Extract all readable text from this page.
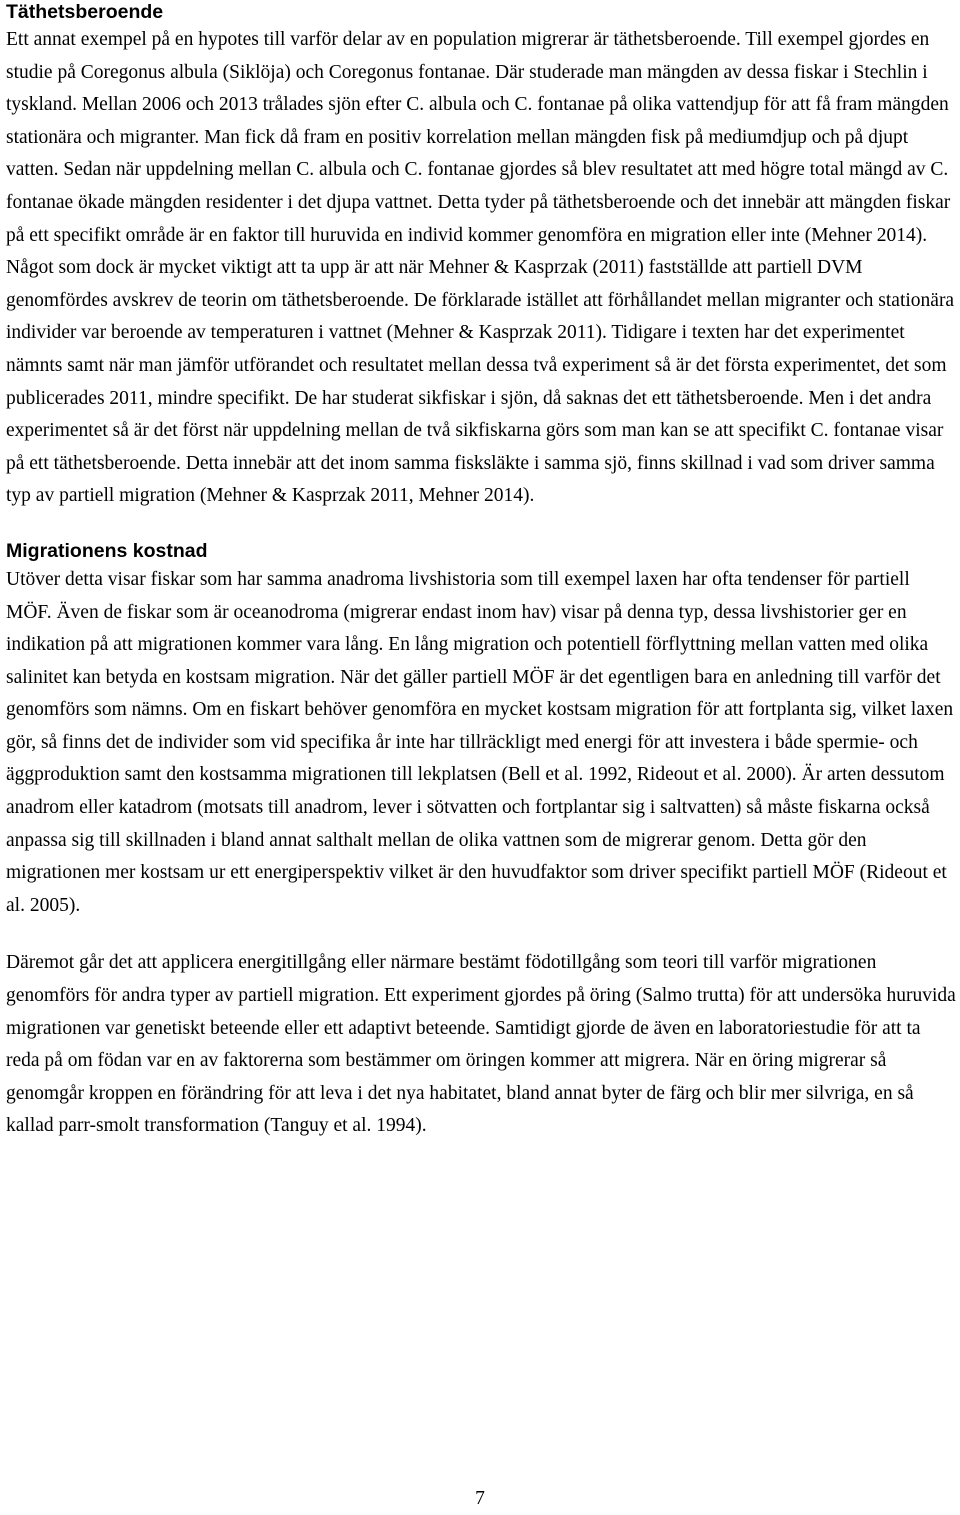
Täthetsberoende

Ett annat exempel på en hypotes till varför delar av en population migrerar är täthetsberoende. Till exempel gjordes en studie på Coregonus albula (Siklöja) och Coregonus fontanae. Där studerade man mängden av dessa fiskar i Stechlin i tyskland. Mellan 2006 och 2013 trålades sjön efter C. albula och C. fontanae på olika vattendjup för att få fram mängden stationära och migranter. Man fick då fram en positiv korrelation mellan mängden fisk på mediumdjup och på djupt vatten. Sedan när uppdelning mellan C. albula och C. fontanae gjordes så blev resultatet att med högre total mängd av C. fontanae ökade mängden residenter i det djupa vattnet. Detta tyder på täthetsberoende och det innebär att mängden fiskar på ett specifikt område är en faktor till huruvida en individ kommer genomföra en migration eller inte (Mehner 2014). Något som dock är mycket viktigt att ta upp är att när Mehner & Kasprzak (2011) fastställde att partiell DVM genomfördes avskrev de teorin om täthetsberoende. De förklarade istället att förhållandet mellan migranter och stationära individer var beroende av temperaturen i vattnet (Mehner & Kasprzak 2011). Tidigare i texten har det experimentet nämnts samt när man jämför utförandet och resultatet mellan dessa två experiment så är det första experimentet, det som publicerades 2011, mindre specifikt. De har studerat sikfiskar i sjön, då saknas det ett täthetsberoende. Men i det andra experimentet så är det först när uppdelning mellan de två sikfiskarna görs som man kan se att specifikt C. fontanae visar på ett täthetsberoende. Detta innebär att det inom samma fisksläkte i samma sjö, finns skillnad i vad som driver samma typ av partiell migration (Mehner & Kasprzak 2011, Mehner 2014).

Migrationens kostnad

Utöver detta visar fiskar som har samma anadroma livshistoria som till exempel laxen har ofta tendenser för partiell MÖF. Även de fiskar som är oceanodroma (migrerar endast inom hav) visar på denna typ, dessa livshistorier ger en indikation på att migrationen kommer vara lång. En lång migration och potentiell förflyttning mellan vatten med olika salinitet kan betyda en kostsam migration. När det gäller partiell MÖF är det egentligen bara en anledning till varför det genomförs som nämns. Om en fiskart behöver genomföra en mycket kostsam migration för att fortplanta sig, vilket laxen gör, så finns det de individer som vid specifika år inte har tillräckligt med energi för att investera i både spermie- och äggproduktion samt den kostsamma migrationen till lekplatsen (Bell et al. 1992, Rideout et al. 2000). Är arten dessutom anadrom eller katadrom (motsats till anadrom, lever i sötvatten och fortplantar sig i saltvatten) så måste fiskarna också anpassa sig till skillnaden i bland annat salthalt mellan de olika vattnen som de migrerar genom. Detta gör den migrationen mer kostsam ur ett energiperspektiv vilket är den huvudfaktor som driver specifikt partiell MÖF (Rideout et al. 2005).

Däremot går det att applicera energitillgång eller närmare bestämt födotillgång som teori till varför migrationen genomförs för andra typer av partiell migration. Ett experiment gjordes på öring (Salmo trutta) för att undersöka huruvida migrationen var genetiskt beteende eller ett adaptivt beteende. Samtidigt gjorde de även en laboratoriestudie för att ta reda på om födan var en av faktorerna som bestämmer om öringen kommer att migrera. När en öring migrerar så genomgår kroppen en förändring för att leva i det nya habitatet, bland annat byter de färg och blir mer silvriga, en så kallad parr-smolt transformation (Tanguy et al. 1994).

7
